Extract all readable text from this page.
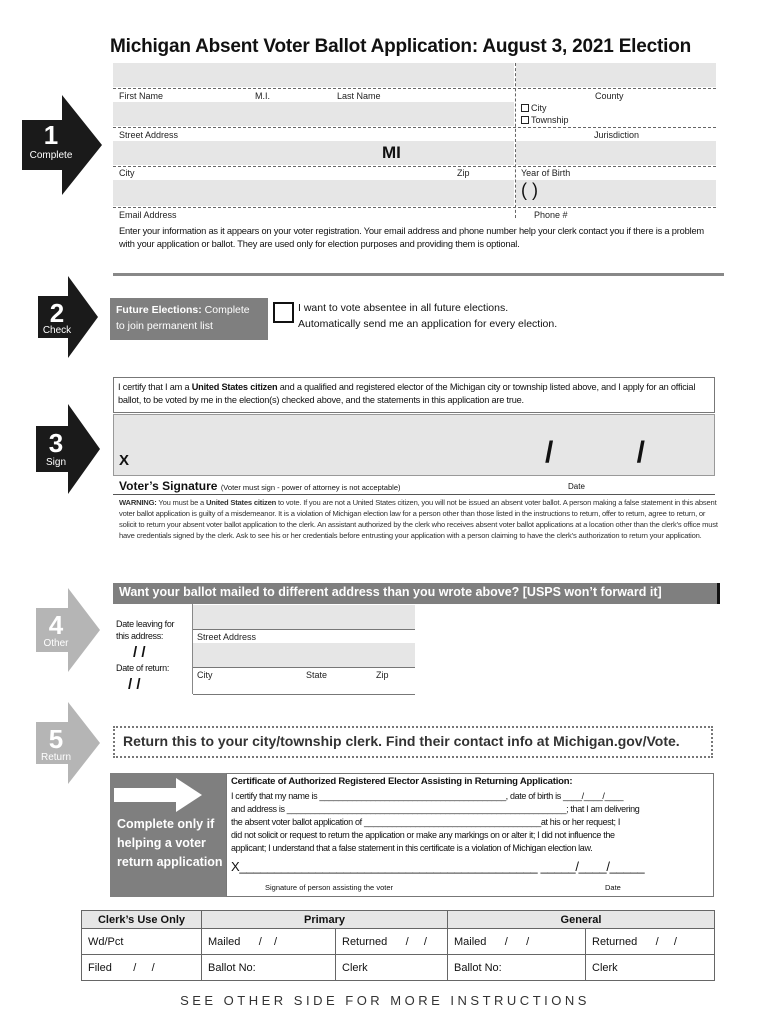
Michigan Absent Voter Ballot Application: August 3, 2021 Election
1
Complete
2
Check
3
Sign
4
Other
5
Return
First Name	M.I.	Last Name	County
City
Township
Street Address	Jurisdiction
MI
City	Zip	Year of Birth
( )
Email Address	Phone #
Enter your information as it appears on your voter registration. Your email address and phone number help your clerk contact you if there is a problem with your application or ballot. They are used only for election purposes and providing them is optional.
Future Elections: Complete
to join permanent list
I want to vote absentee in all future elections.
Automatically send me an application for every election.
I certify that I am a United States citizen and a qualified and registered elector of the Michigan city or township listed above, and I apply for an official ballot, to be voted by me in the election(s) checked above, and the statements in this application are true.
X	/          /
Voter’s Signature (Voter must sign - power of attorney is not acceptable)	Date
WARNING: You must be a United States citizen to vote. If you are not a United States citizen, you will not be issued an absent voter ballot. A person making a false statement in this absent voter ballot application is guilty of a misdemeanor. It is a violation of Michigan election law for a person other than those listed in the instructions to return, offer to return, agree to return, or solicit to return your absent voter ballot application to the clerk. An assistant authorized by the clerk who receives absent voter ballot applications at a location other than the clerk’s office must have credentials signed by the clerk. Ask to see his or her credentials before entrusting your application with a person claiming to have the clerk’s authorization to return your application.
Want your ballot mailed to different address than you wrote above? [USPS won’t forward it]
Date leaving for
this address:
/ /
Date of return:
/ /
Street Address
City	State	Zip
Return this to your city/township clerk. Find their contact info at Michigan.gov/Vote.
Complete only if helping a voter return application
Certificate of Authorized Registered Elector Assisting in Returning Application:
I certify that my name is ________________________________________, date of birth is ____/____/____
and address is ____________________________________________________________; that I am delivering
the absent voter ballot application of ______________________________________at his or her request; I
did not solicit or request to return the application or make any markings on or alter it; I did not influence the
applicant; I understand that a false statement in this certificate is a violation of Michigan election law.
X___________________________________________ _____/____/_____
Signature of person assisting the voter	Date
Clerk’s Use Only	Primary		General	
Wd/Pct	Mailed      /    /	Returned      /     /	Mailed      /      /	Returned      /     /
Filed       /     /	Ballot No:	Clerk	Ballot No:	Clerk
SEE OTHER SIDE FOR MORE INSTRUCTIONS
